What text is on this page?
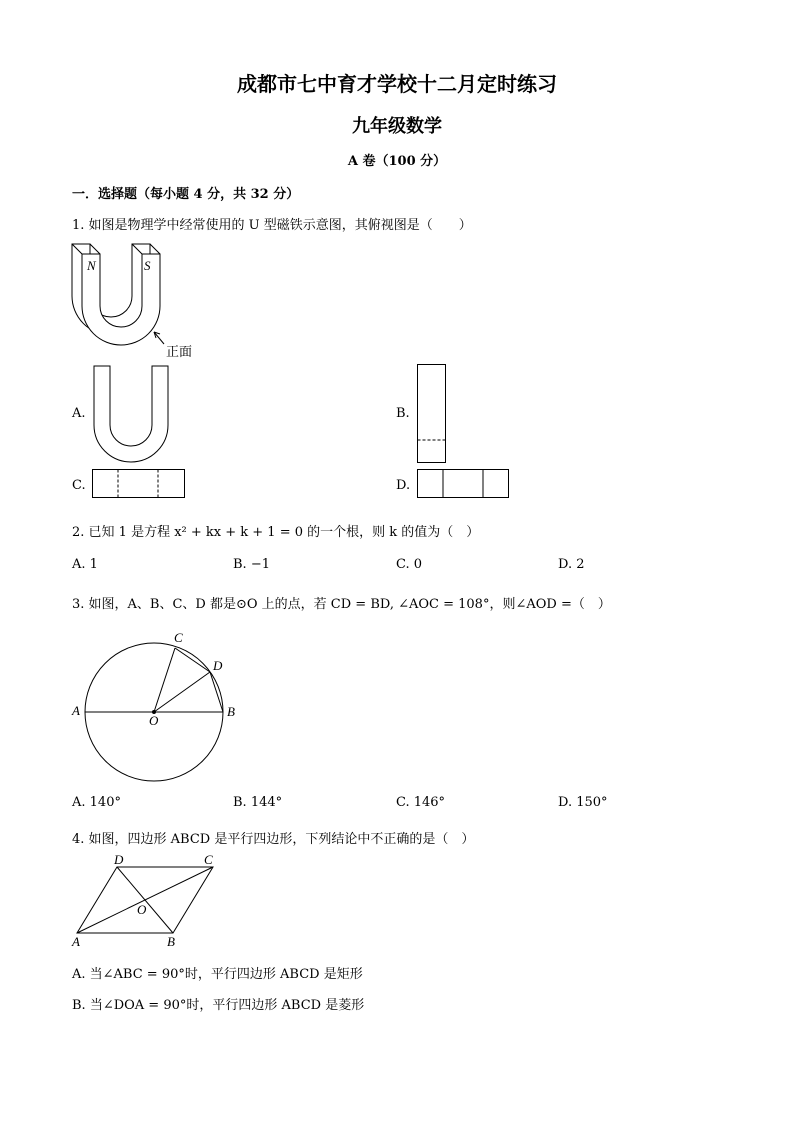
成都市七中育才学校十二月定时练习
九年级数学
A 卷（100 分）
一．选择题（每小题 4 分，共 32 分）
1. 如图是物理学中经常使用的 U 型磁铁示意图，其俯视图是（　　）
N	S
正面
A.	B.
C.	D.
2. 已知 1 是方程 x² + kx + k + 1 = 0 的一个根，则 k 的值为（　）
A. 1	B. −1	C. 0	D. 2
3. 如图，A、B、C、D 都是⊙O 上的点，若 CD = BD, ∠AOC = 108°，则∠AOD =（　）
A	B
C
D
O
A. 140°	B. 144°	C. 146°	D. 150°
4. 如图，四边形 ABCD 是平行四边形，下列结论中不正确的是（　）
D	C
A	B
O
A. 当∠ABC = 90°时，平行四边形 ABCD 是矩形
B. 当∠DOA = 90°时，平行四边形 ABCD 是菱形
